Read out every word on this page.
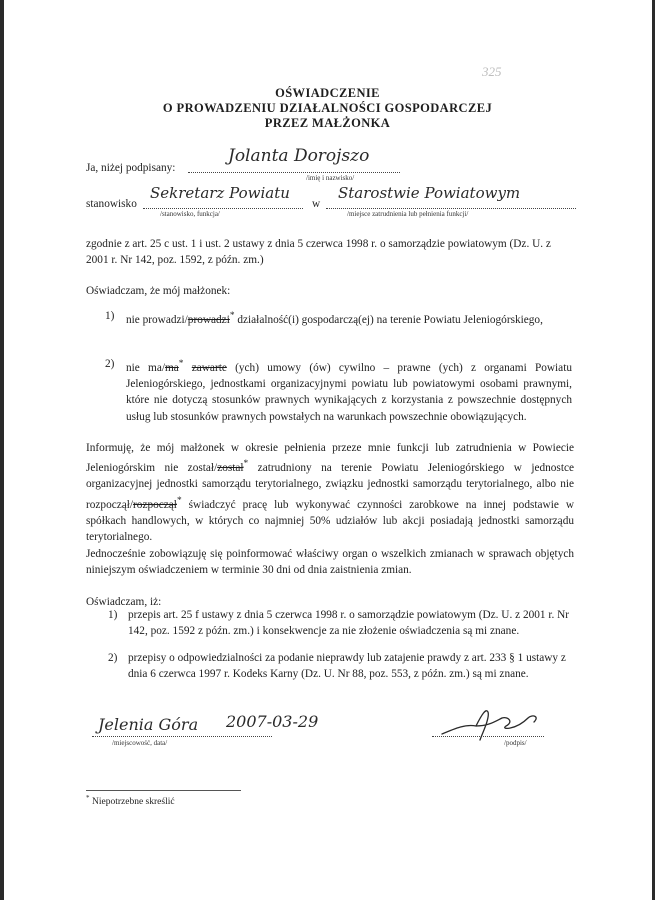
325
OŚWIADCZENIE
O PROWADZENIU DZIAŁALNOŚCI GOSPODARCZEJ
PRZEZ MAŁŻONKA
Ja, niżej podpisany:
Jolanta Dorojszo
/imię i nazwisko/
stanowisko
Sekretarz Powiatu
/stanowisko, funkcja/
w
Starostwie Powiatowym
/miejsce zatrudnienia lub pełnienia funkcji/
zgodnie z art. 25 c ust. 1 i ust. 2 ustawy z dnia 5 czerwca 1998 r. o samorządzie powiatowym (Dz. U. z 2001 r. Nr 142, poz. 1592, z późn. zm.)
Oświadczam, że mój małżonek:
1) nie prowadzi/prowadzi* działalność(i) gospodarczą(ej) na terenie Powiatu Jeleniogórskiego,
2) nie ma/ma* zawarte (ych) umowy (ów) cywilno – prawne (ych) z organami Powiatu Jeleniogórskiego, jednostkami organizacyjnymi powiatu lub powiatowymi osobami prawnymi, które nie dotyczą stosunków prawnych wynikających z korzystania z powszechnie dostępnych usług lub stosunków prawnych powstałych na warunkach powszechnie obowiązujących.
Informuję, że mój małżonek w okresie pełnienia przeze mnie funkcji lub zatrudnienia w Powiecie Jeleniogórskim nie został/został* zatrudniony na terenie Powiatu Jeleniogórskiego w jednostce organizacyjnej jednostki samorządu terytorialnego, związku jednostki samorządu terytorialnego, albo nie rozpoczął/rozpoczął* świadczyć pracę lub wykonywać czynności zarobkowe na innej podstawie w spółkach handlowych, w których co najmniej 50% udziałów lub akcji posiadają jednostki samorządu terytorialnego.
Jednocześnie zobowiązuję się poinformować właściwy organ o wszelkich zmianach w sprawach objętych niniejszym oświadczeniem w terminie 30 dni od dnia zaistnienia zmian.
Oświadczam, iż:
1) przepis art. 25 f ustawy z dnia 5 czerwca 1998 r. o samorządzie powiatowym (Dz. U. z 2001 r. Nr 142, poz. 1592 z późn. zm.) i konsekwencje za nie złożenie oświadczenia są mi znane.
2) przepisy o odpowiedzialności za podanie nieprawdy lub zatajenie prawdy z art. 233 § 1 ustawy z dnia 6 czerwca 1997 r. Kodeks Karny (Dz. U. Nr 88, poz. 553, z późn. zm.) są mi znane.
Jelenia Góra 2007-03-29
/miejscowość, data/	/podpis/
* Niepotrzebne skreślić
